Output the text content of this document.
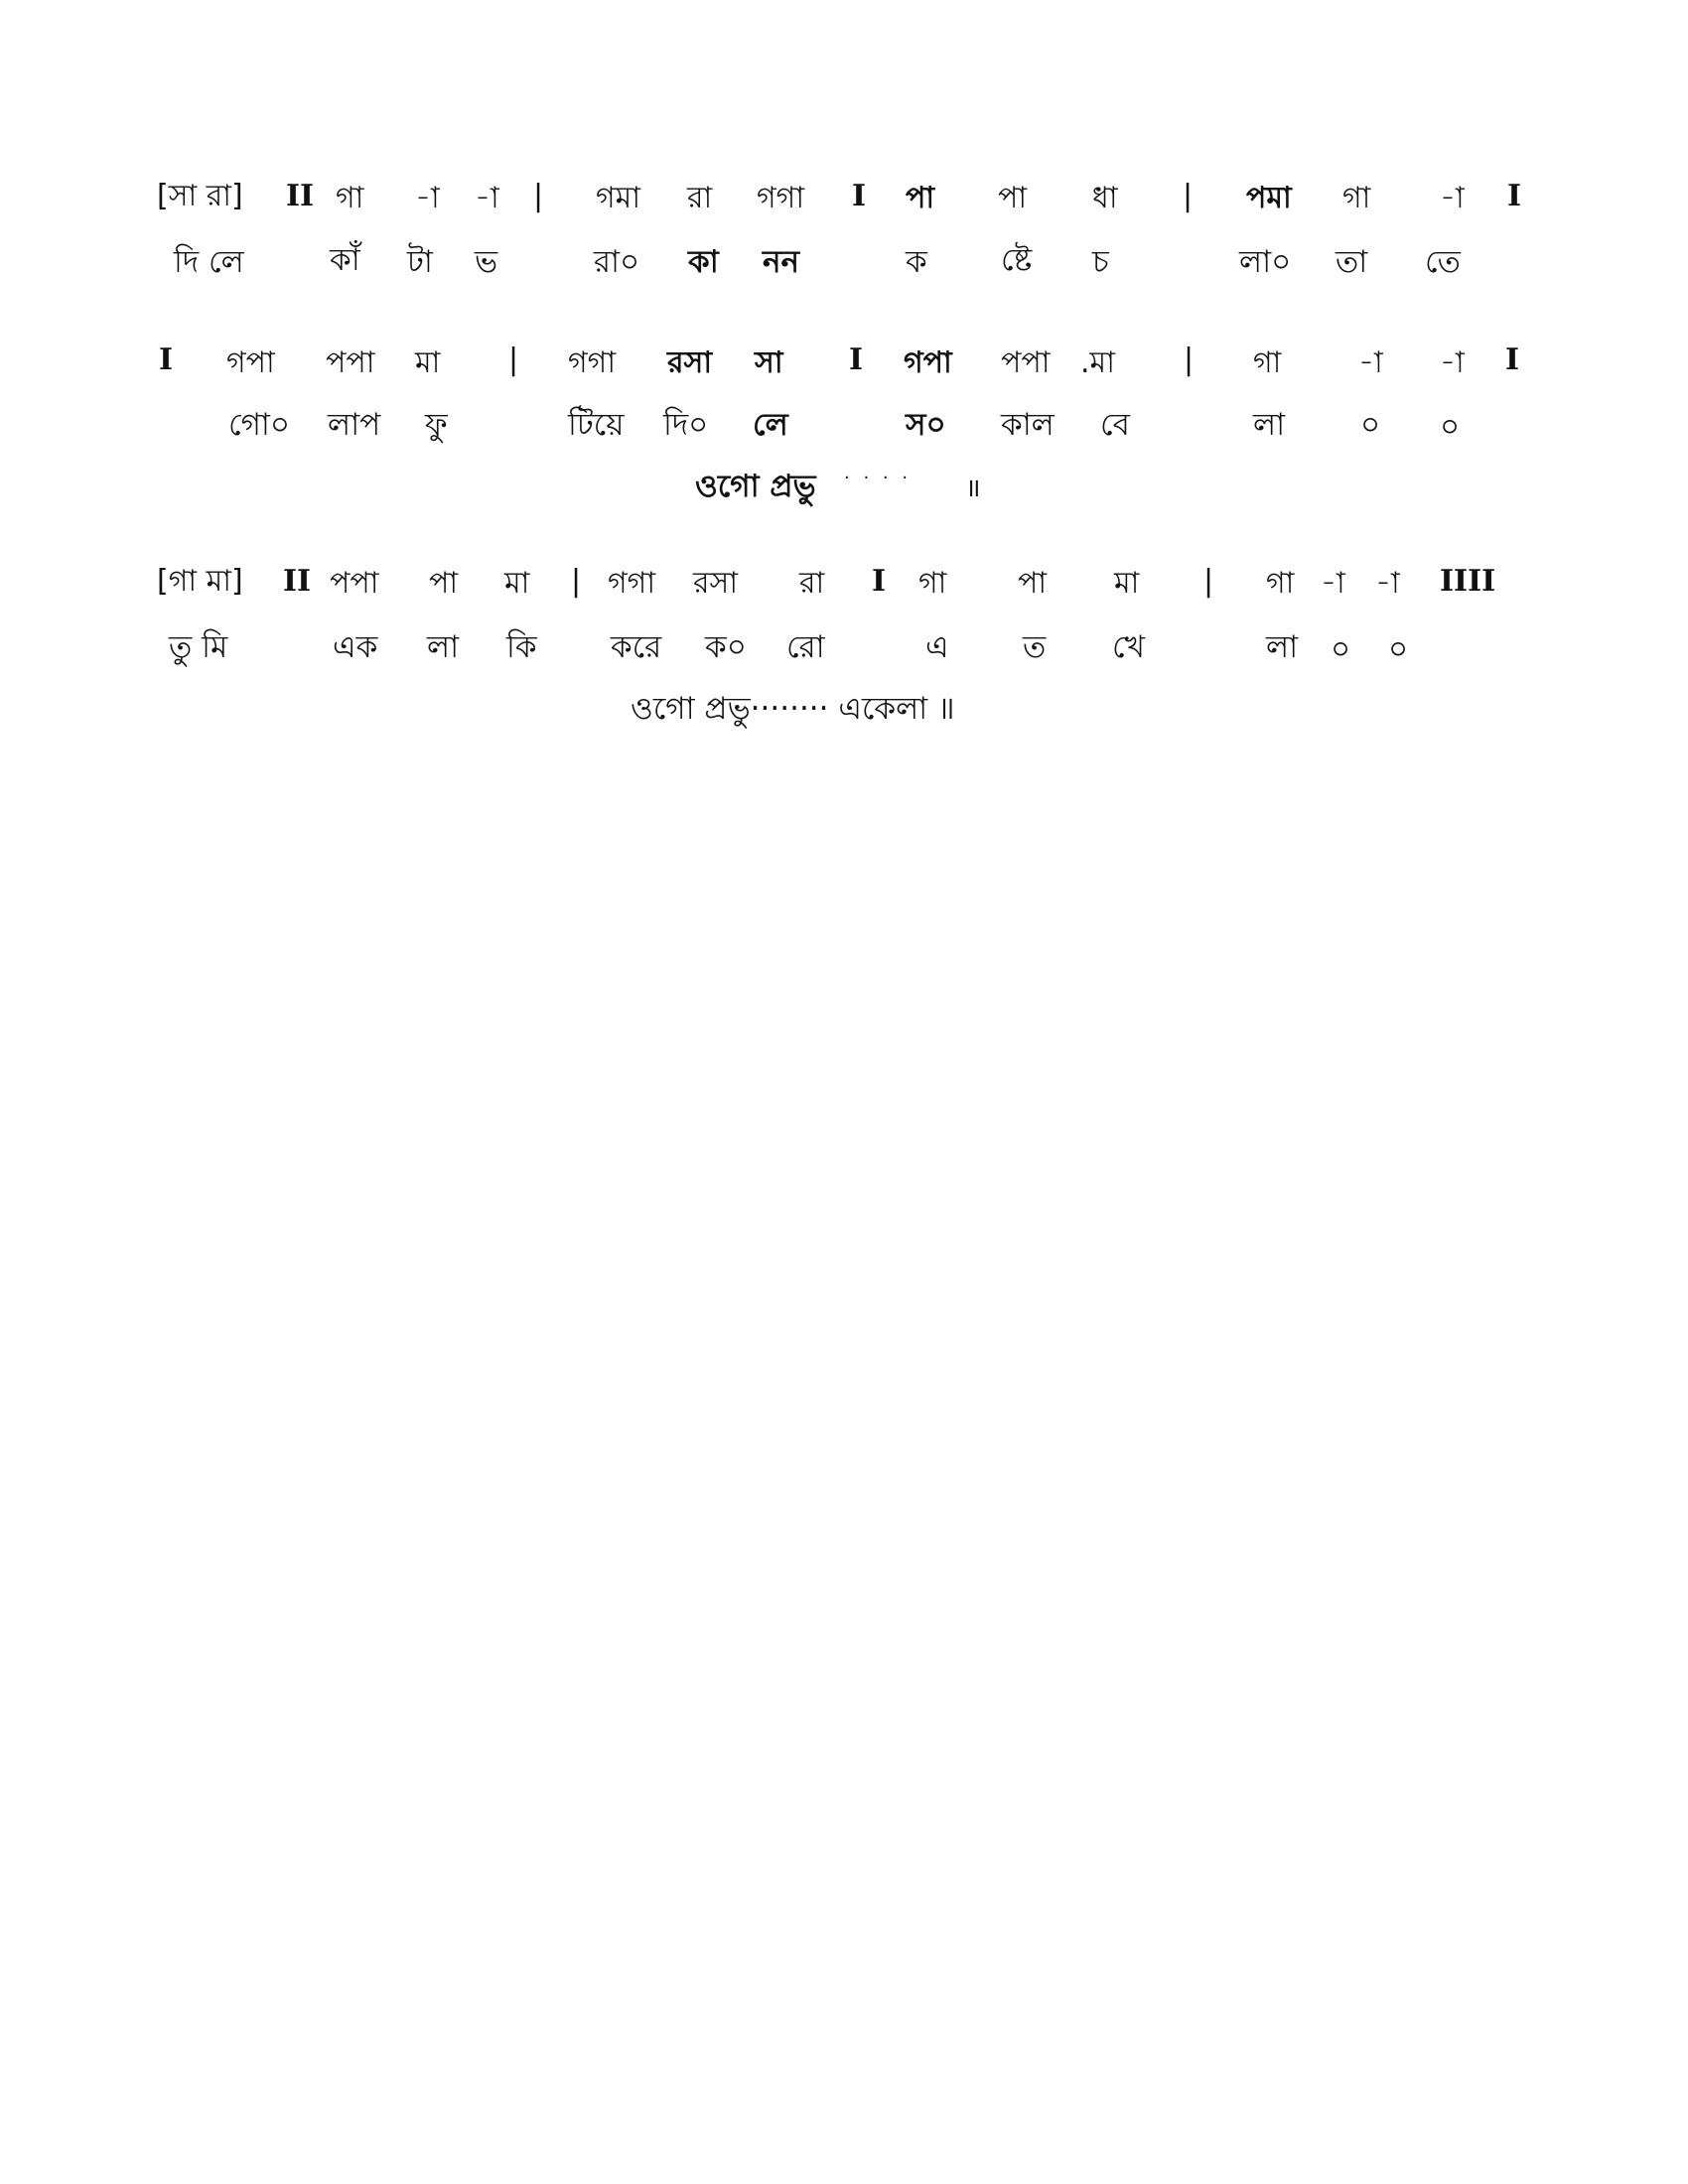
[সা রা] II গা -া -া | গমা রা গগা I পা পা ধা | পমা গা -া I
দি লে	কাঁ টা ভ	রা০ কা নন	ক ষ্টে চ	লা০ তা তে
I গপা পপা মা | গগা রসা সা I গপা পপা .মা | গা	-া -া I
গো০ লাপ ফু	টিয়ে দি০ লে	স০ কাল বে	লা ০ ০
ওগো প্রভু · · · · ॥
[গা মা] II পপা পা মা | গগা রসা রা I গা পা মা | গা -া -া IIII
তু মি	এক লা কি করে ক০ রো	এ ত খে	লা ০ ০
ওগো প্রভু········ একেলা ॥
